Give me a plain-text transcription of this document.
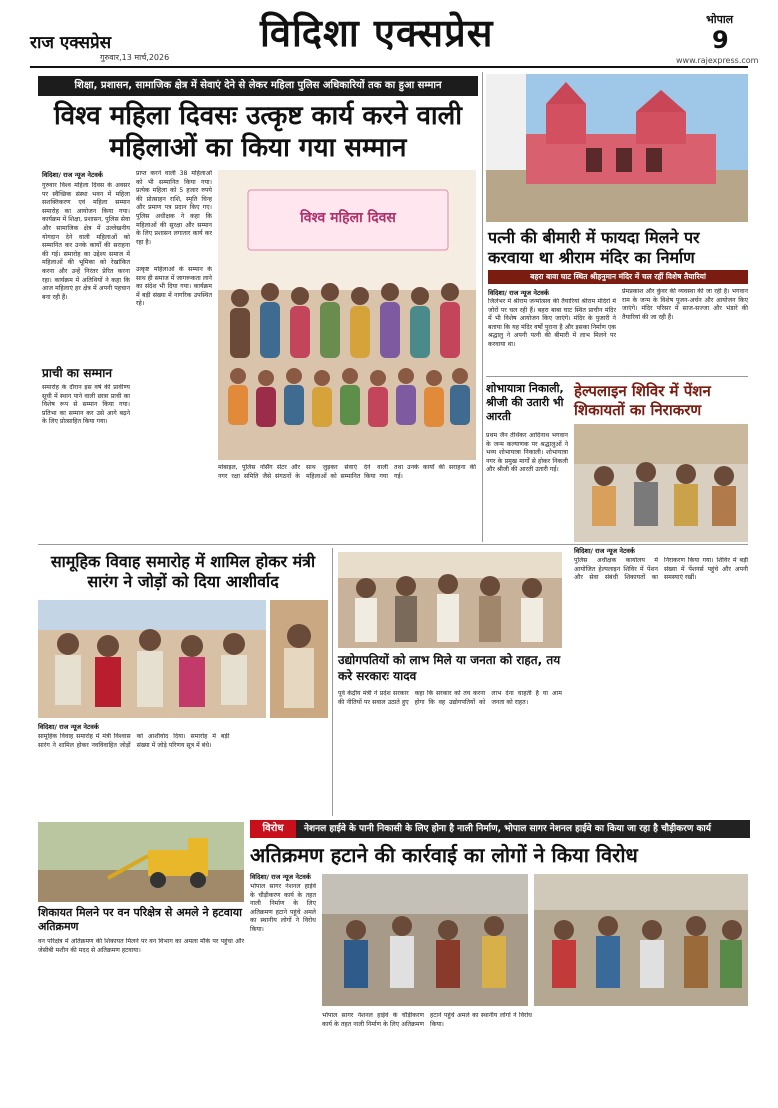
राज एक्सप्रेस
गुरुवार,13 मार्च,2026
विदिशा एक्सप्रेस	भोपाल
9
www.rajexpress.com
शिक्षा, प्रशासन, सामाजिक क्षेत्र में सेवाएं देने से लेकर महिला पुलिस अधिकारियों तक का हुआ सम्मान
विश्व महिला दिवसः उत्कृष्ट कार्य करने वाली महिलाओं का किया गया सम्मान
विदिशा/ राज न्यूज नेटवर्क
गुरुवार विश्व महिला दिवस के अवसर पर स्वैच्छिक संस्था भवन में महिला सशक्तिकरण एवं महिला सम्मान समारोह का आयोजन किया गया। कार्यक्रम में शिक्षा, प्रशासन, पुलिस सेवा और सामाजिक क्षेत्र में उल्लेखनीय योगदान देने वाली महिलाओं को सम्मानित कर उनके कार्यों की सराहना की गई। समारोह का उद्देश्य समाज में महिलाओं की भूमिका को रेखांकित करना और उन्हें निरंतर प्रेरित करना रहा। कार्यक्रम में अतिथियों ने कहा कि आज महिलाएं हर क्षेत्र में अपनी पहचान बना रही हैं।
प्राची का सम्मान
समारोह के दौरान इस वर्ष की प्रावीण्य सूची में स्थान पाने वाली छात्रा प्राची का विशेष रूप से सम्मान किया गया। प्रतिभा का सम्मान कर उसे आगे बढ़ने के लिए प्रोत्साहित किया गया।
प्राप्त करने वाली 38 महिलाओं को भी सम्मानित किया गया। प्रत्येक महिला को 5 हजार रुपये की प्रोत्साहन राशि, स्मृति चिन्ह और प्रमाण पत्र प्रदान किए गए। पुलिस अधीक्षक ने कहा कि महिलाओं की सुरक्षा और सम्मान के लिए प्रशासन लगातार कार्य कर रहा है।
विश्व महिला दिवस
उत्कृष्ट महिलाओं के सम्मान के साथ ही समाज में जागरूकता लाने का संदेश भी दिया गया। कार्यक्रम में बड़ी संख्या में नागरिक उपस्थित रहे।
मोबाइल, पुलिस नर्सिंग सेंटर और नगर रक्षा समिति जैसे संगठनों के साथ जुड़कर सेवाएं देने वाली महिलाओं को सम्मानित किया गया तथा उनके कार्यों की सराहना की गई।
पत्नी की बीमारी में फायदा मिलने पर करवाया था श्रीराम मंदिर का निर्माण
बहरा बावा घाट स्थित श्रीहनुमान मंदिर में चल रहीं विशेष तैयारियां
विदिशा/ राज न्यूज नेटवर्क
जिलेभर में श्रीराम जन्मोत्सव की तैयारियां श्रीराम मंदिरों में जोरों पर चल रही हैं। बहरा बाबा घाट स्थित प्राचीन मंदिर में भी विशेष आयोजन किए जाएंगे। मंदिर के पुजारी ने बताया कि यह मंदिर वर्षों पुराना है और इसका निर्माण एक श्रद्धालु ने अपनी पत्नी की बीमारी में लाभ मिलने पर करवाया था।
प्रेमप्रकाश और कुंवर की व्यवस्था की जा रही है। भगवान राम के जन्म के विशेष पूजन-अर्चन और आयोजन किए जाएंगे। मंदिर परिसर में साज-सज्जा और भंडारे की तैयारियां की जा रही हैं।
शोभायात्रा निकाली, श्रीजी की उतारी भी आरती
प्रथम जैन तीर्थंकर आदिनाथ भगवान के जन्म कल्याणक पर श्रद्धालुओं ने भव्य शोभायात्रा निकाली। शोभायात्रा नगर के प्रमुख मार्गों से होकर निकली और श्रीजी की आरती उतारी गई।
हेल्पलाइन शिविर में पेंशन शिकायतों का निराकरण
सामूहिक विवाह समारोह में शामिल होकर मंत्री सारंग ने जोड़ों को दिया आशीर्वाद
विदिशा/ राज न्यूज नेटवर्क
सामूहिक विवाह समारोह में मंत्री विश्वास सारंग ने शामिल होकर नवविवाहित जोड़ों को आशीर्वाद दिया। समारोह में बड़ी संख्या में जोड़े परिणय सूत्र में बंधे।
उद्योगपतियों को लाभ मिले या जनता को राहत, तय करे सरकारः यादव
पूर्व केंद्रीय मंत्री ने प्रदेश सरकार की नीतियों पर सवाल उठाते हुए कहा कि सरकार को तय करना होगा कि वह उद्योगपतियों को लाभ देना चाहती है या आम जनता को राहत।
विदिशा/ राज न्यूज नेटवर्क
पुलिस अधीक्षक कार्यालय में आयोजित हेल्पलाइन शिविर में पेंशन और सेवा संबंधी शिकायतों का निराकरण किया गया। शिविर में बड़ी संख्या में पेंशनर्स पहुंचे और अपनी समस्याएं रखीं।
नेशनल हाईवे के पानी निकासी के लिए होना है नाली निर्माण, भोपाल सागर नेशनल हाईवे का किया जा रहा है चौड़ीकरण कार्य
विरोध
शिकायत मिलने पर वन परिक्षेत्र से अमले ने हटवाया अतिक्रमण
वन परिक्षेत्र में अतिक्रमण की शिकायत मिलने पर वन विभाग का अमला मौके पर पहुंचा और जेसीबी मशीन की मदद से अतिक्रमण हटवाया।
अतिक्रमण हटाने की कार्रवाई का लोगों ने किया विरोध
विदिशा/ राज न्यूज नेटवर्क
भोपाल सागर नेशनल हाईवे के चौड़ीकरण कार्य के तहत नाली निर्माण के लिए अतिक्रमण हटाने पहुंचे अमले का स्थानीय लोगों ने विरोध किया।
भोपाल सागर नेशनल हाईवे के चौड़ीकरण कार्य के तहत नाली निर्माण के लिए अतिक्रमण हटाने पहुंचे अमले का स्थानीय लोगों ने विरोध किया।
